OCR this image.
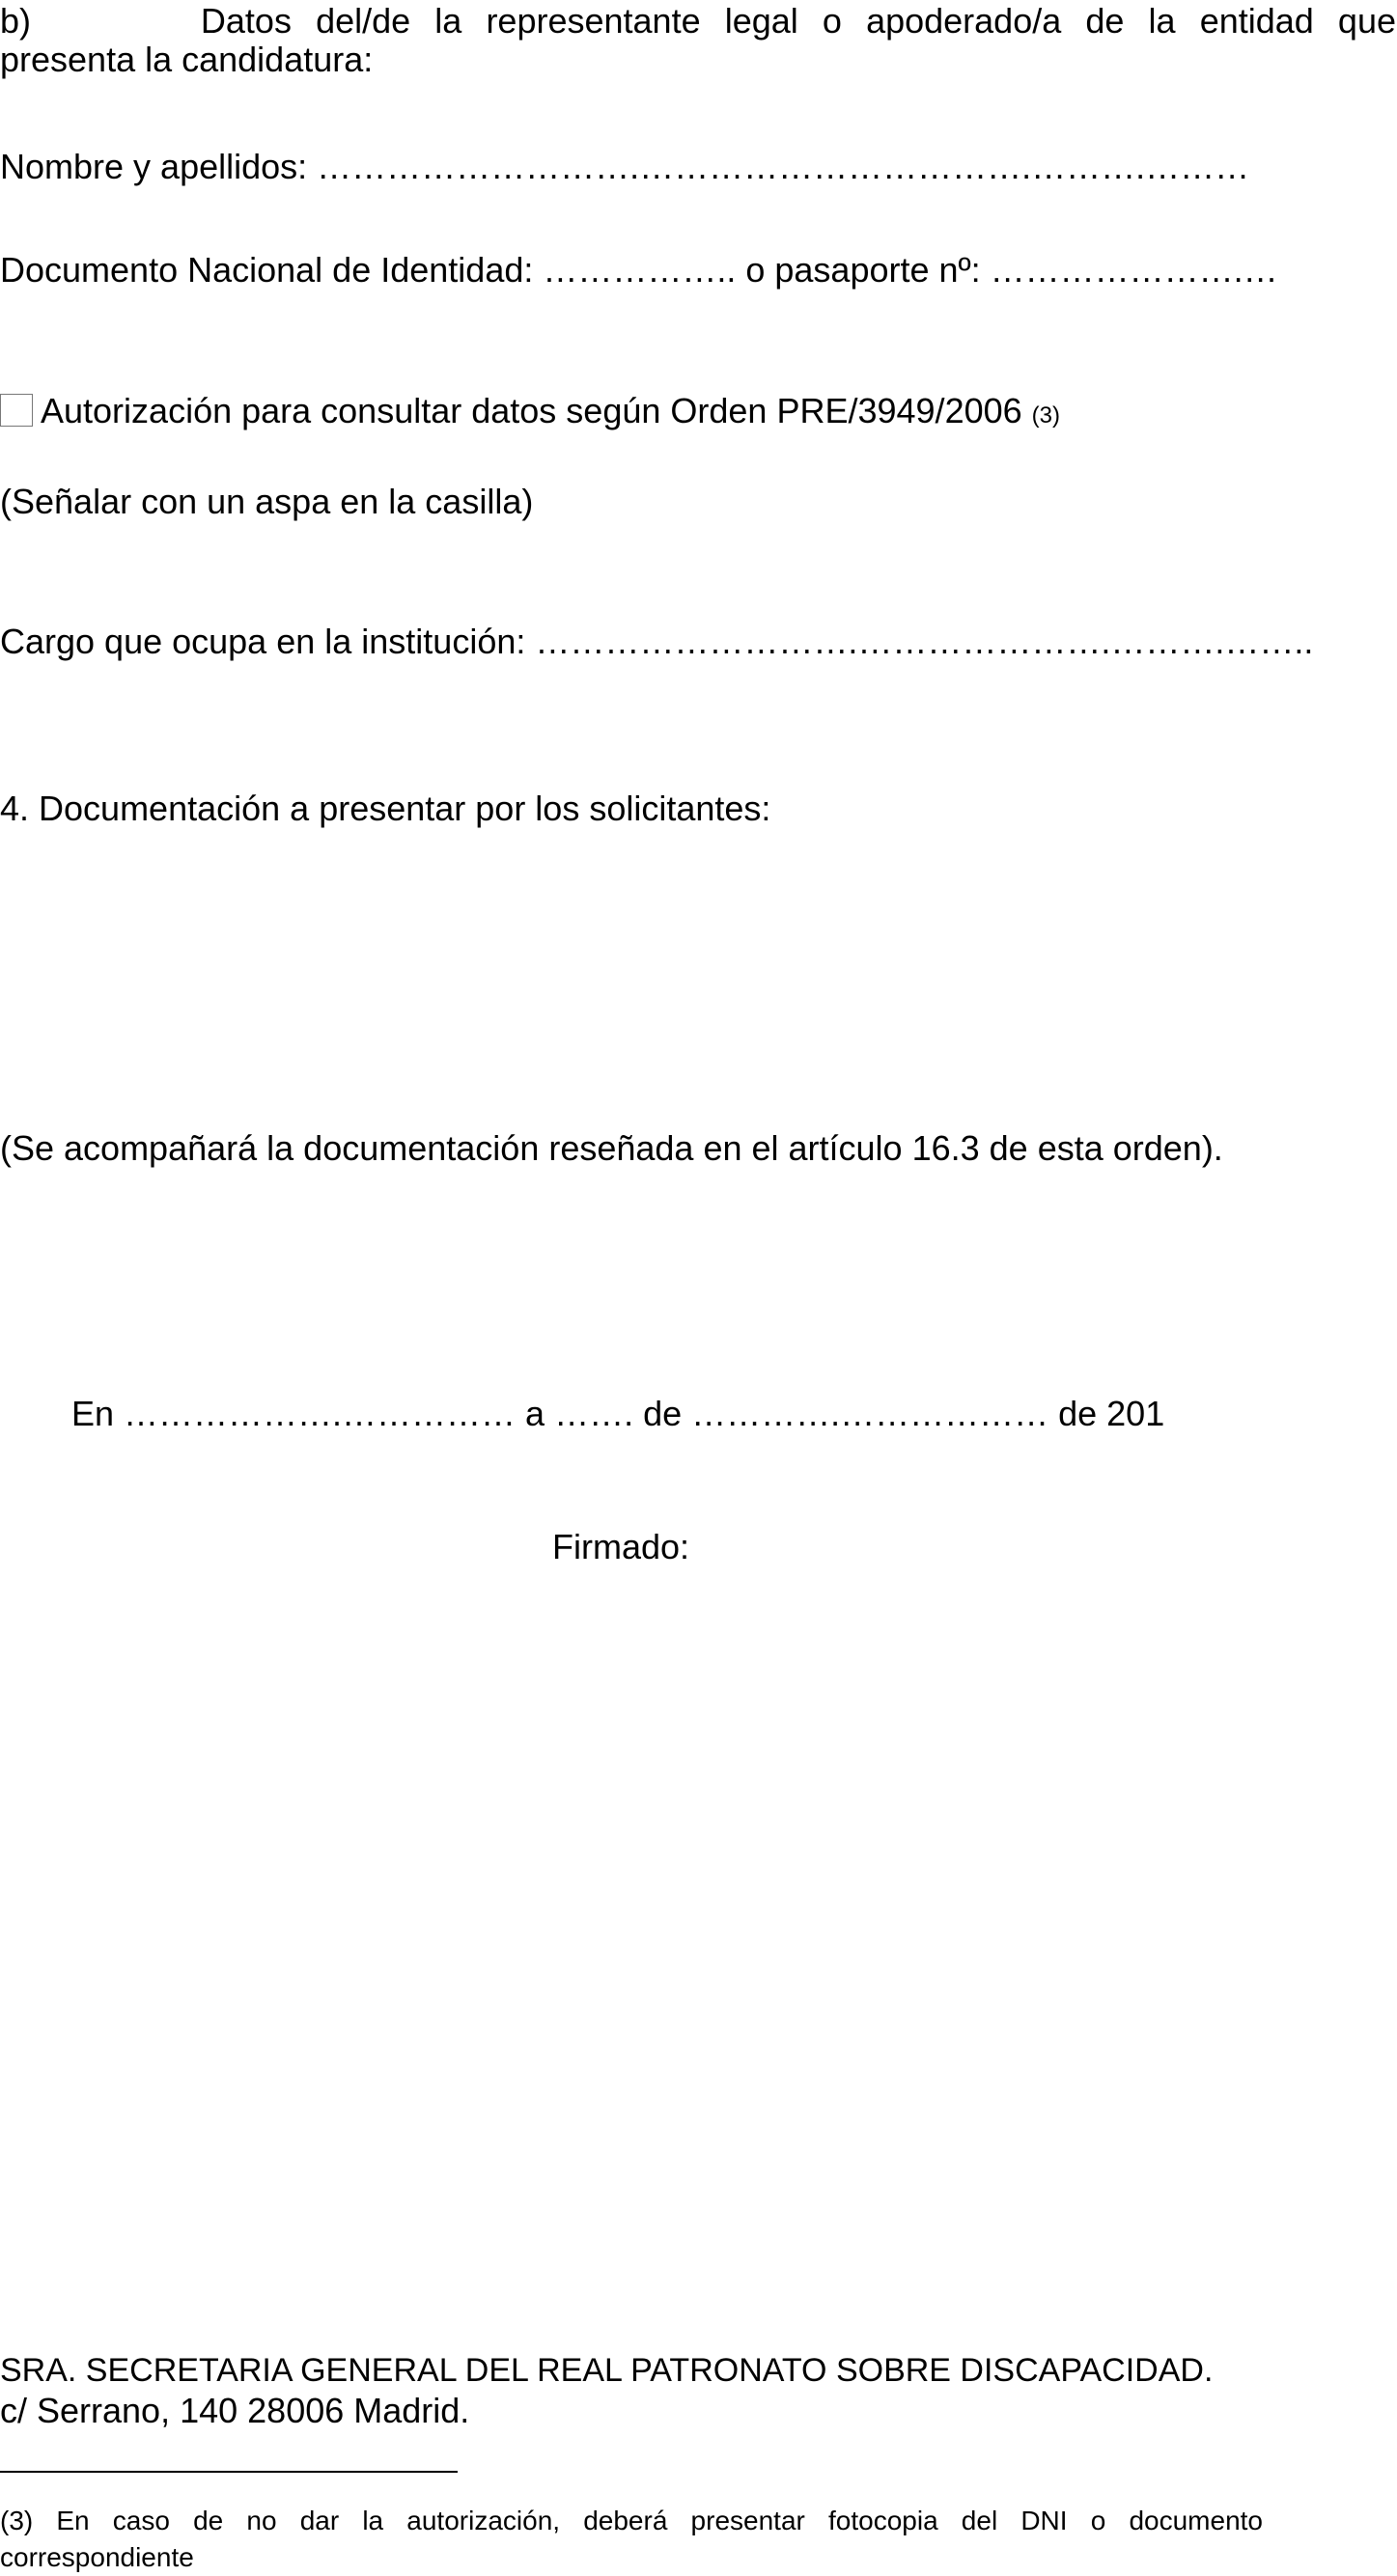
b)       Datos del/de la representante legal o apoderado/a de la entidad que
presenta la candidatura:
Nombre y apellidos: ……………………….…………………………….……….………
Documento Nacional de Identidad: …………….. o pasaporte nº: ………………….…
Autorización para consultar datos según Orden PRE/3949/2006 (3)
(Señalar con un aspa en la casilla)
Cargo que ocupa en la institución: ……………………….………………….……….……..
4. Documentación a presentar por los solicitantes:
(Se acompañará la documentación reseñada en el artículo 16.3 de esta orden).
En ……………….…………… a ……. de ………….……………… de 201
Firmado:
SRA. SECRETARIA GENERAL DEL REAL PATRONATO SOBRE DISCAPACIDAD.
c/ Serrano, 140 28006 Madrid.
(3) En caso de no dar la autorización, deberá presentar fotocopia del DNI o documento
correspondiente
